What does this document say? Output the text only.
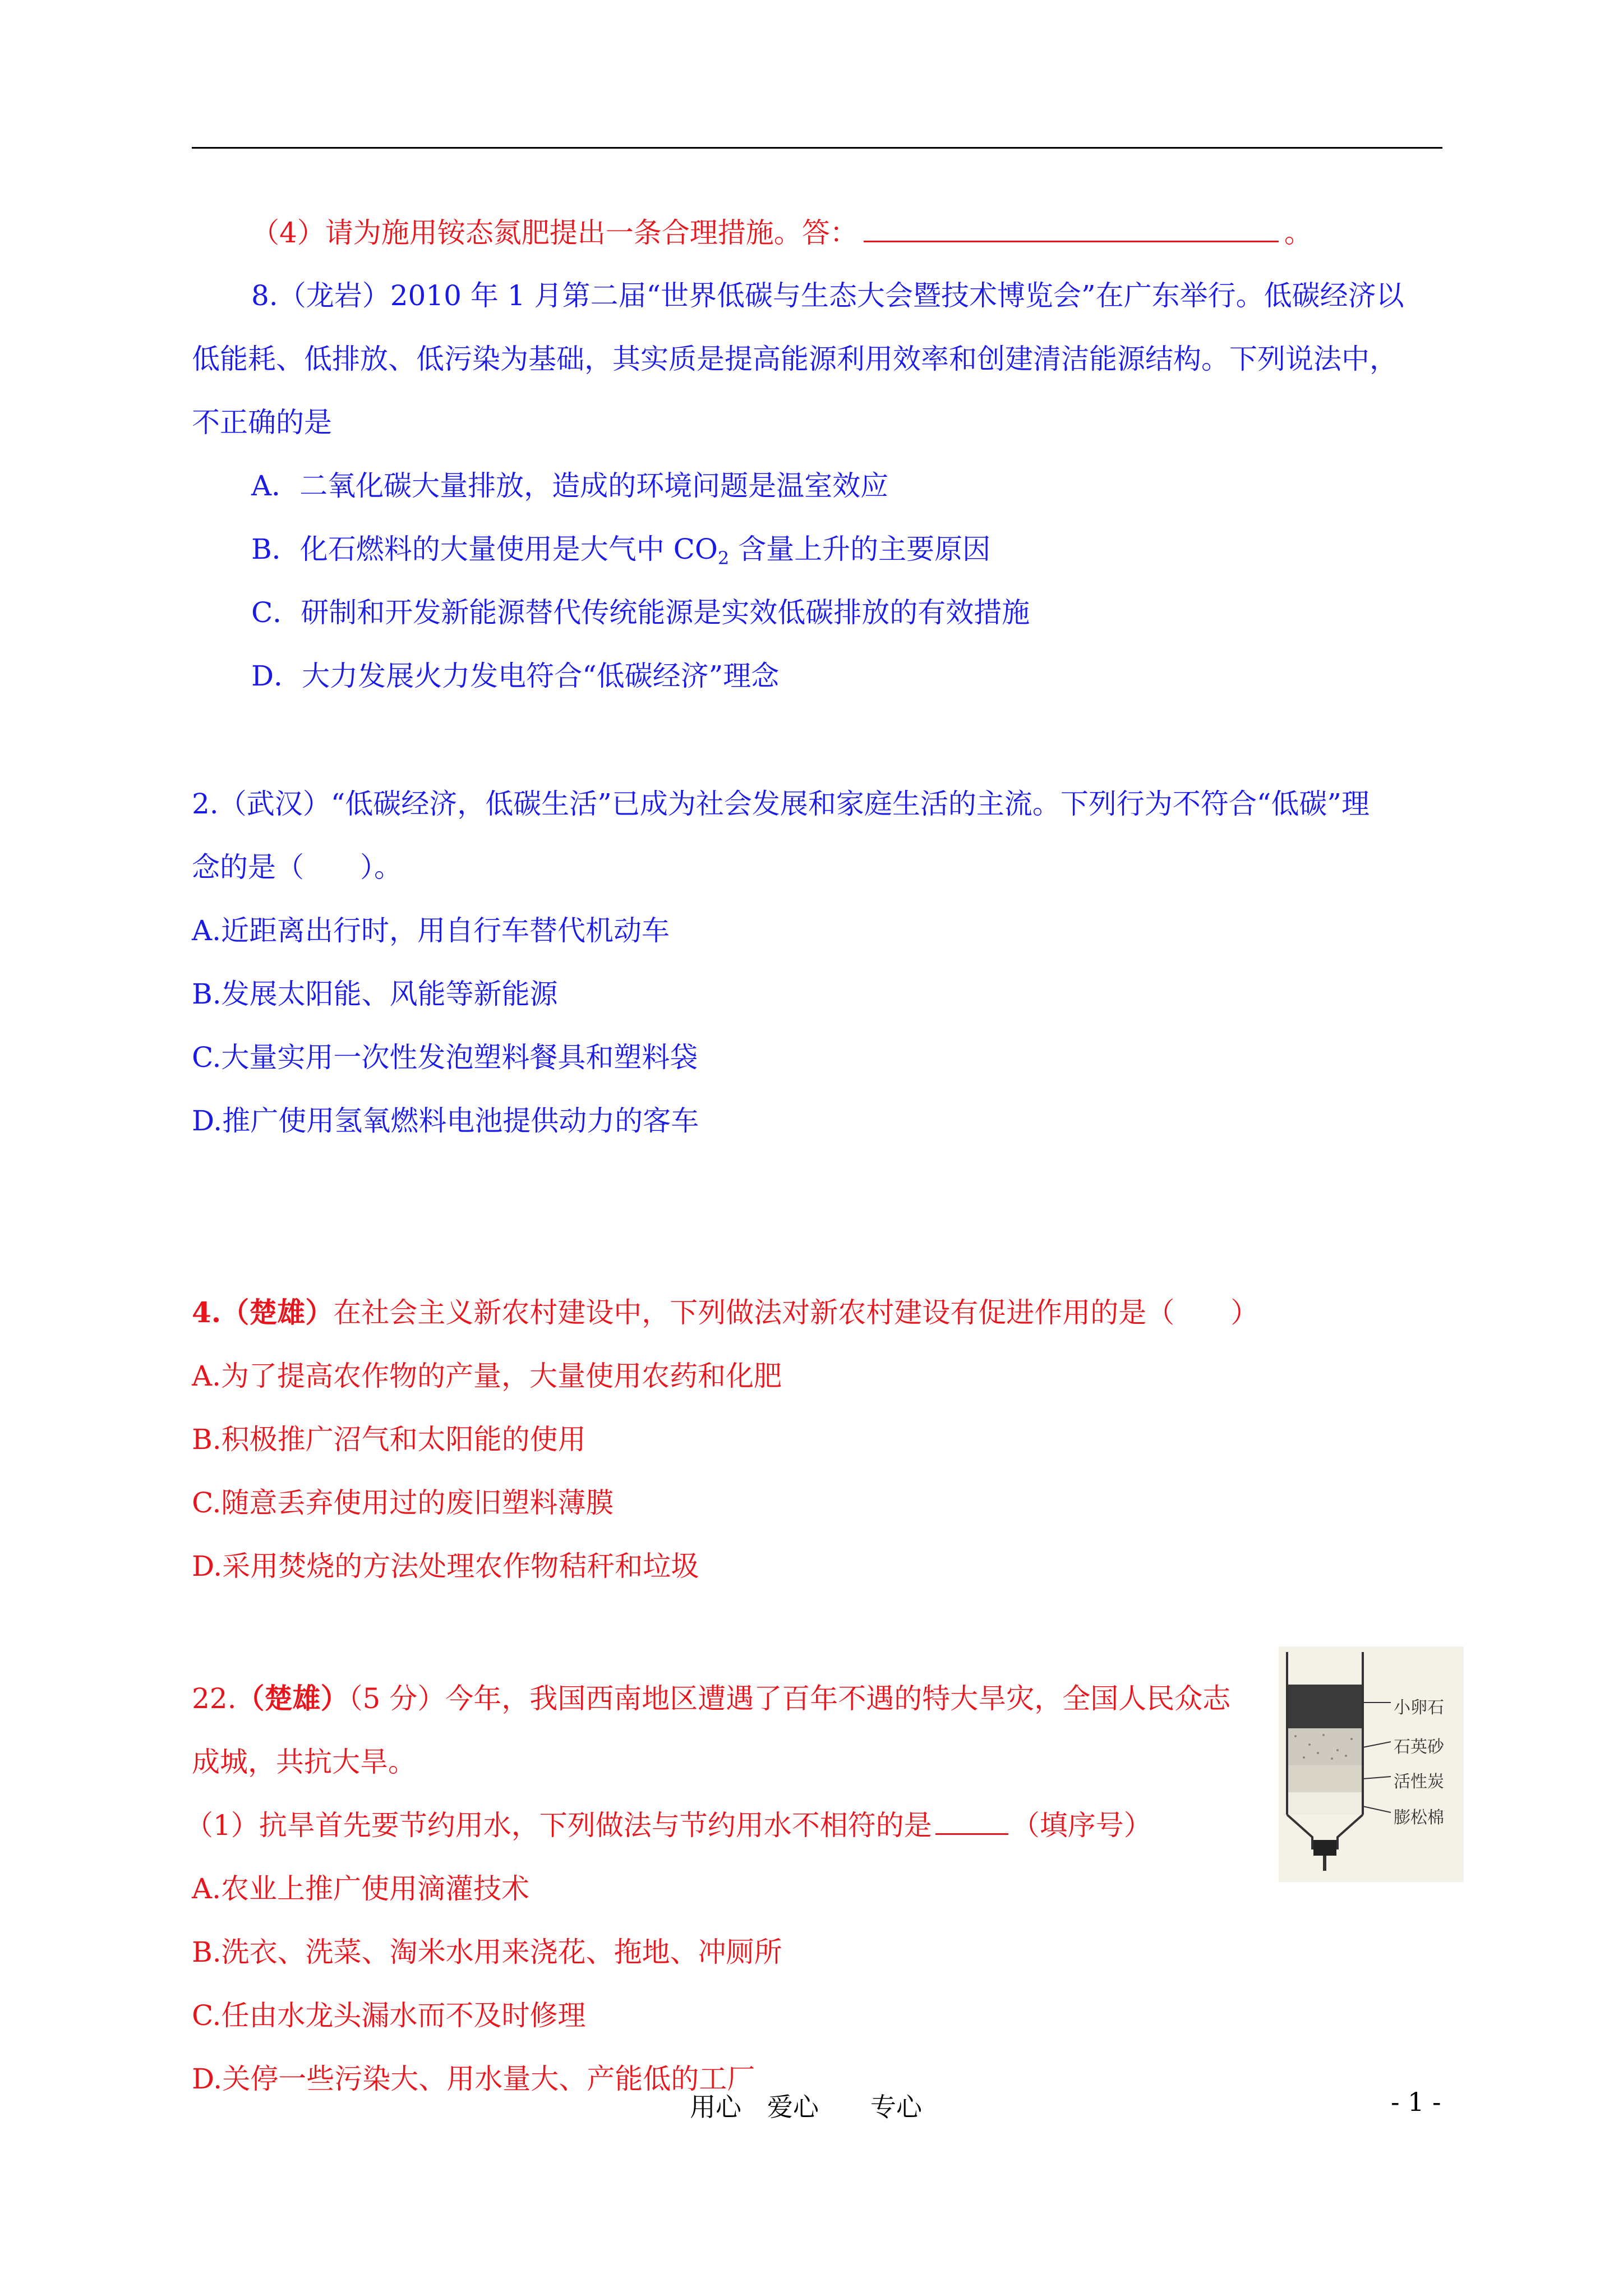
（4）请为施用铵态氮肥提出一条合理措施。答：	。
8.（龙岩）2010 年 1 月第二届“世界低碳与生态大会暨技术博览会”在广东举行。低碳经济以
低能耗、低排放、低污染为基础，其实质是提高能源利用效率和创建清洁能源结构。下列说法中，
不正确的是
A．二氧化碳大量排放，造成的环境问题是温室效应
B．化石燃料的大量使用是大气中 $CO_2$ 含量上升的主要原因
C．研制和开发新能源替代传统能源是实效低碳排放的有效措施
D．大力发展火力发电符合“低碳经济”理念
2.（武汉）“低碳经济，低碳生活”已成为社会发展和家庭生活的主流。下列行为不符合“低碳”理
念的是（　　）。
A.近距离出行时，用自行车替代机动车
B.发展太阳能、风能等新能源
C.大量实用一次性发泡塑料餐具和塑料袋
D.推广使用氢氧燃料电池提供动力的客车
4.（楚雄）在社会主义新农村建设中，下列做法对新农村建设有促进作用的是（　　）
A.为了提高农作物的产量，大量使用农药和化肥
B.积极推广沼气和太阳能的使用
C.随意丢弃使用过的废旧塑料薄膜
D.采用焚烧的方法处理农作物秸秆和垃圾
22.（楚雄）（5 分）今年，我国西南地区遭遇了百年不遇的特大旱灾，全国人民众志
成城，共抗大旱。
（1）抗旱首先要节约用水，下列做法与节约用水不相符的是	（填序号）
A.农业上推广使用滴灌技术
B.洗衣、洗菜、淘米水用来浇花、拖地、冲厕所
C.任由水龙头漏水而不及时修理
D.关停一些污染大、用水量大、产能低的工厂
小卵石
石英砂
活性炭
膨松棉
用心　爱心　　专心	- 1 -
